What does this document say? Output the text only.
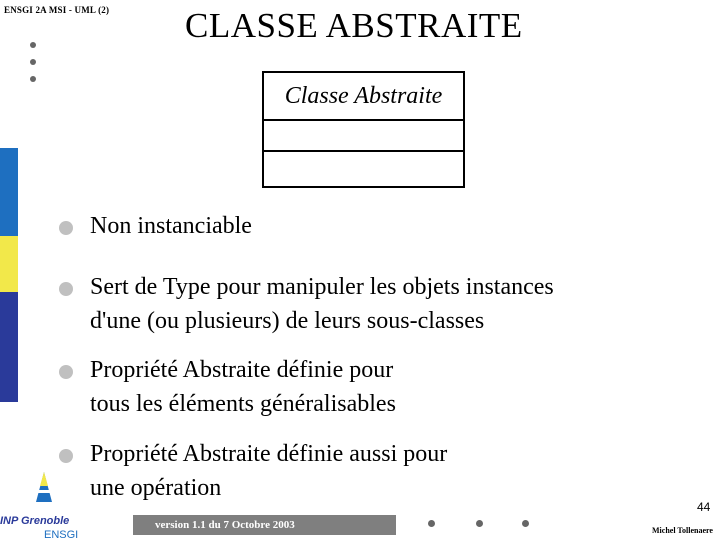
ENSGI 2A MSI - UML (2) CLASSE ABSTRAITE
Classe Abstraite
Non instanciable
Sert de Type pour manipuler les objets instances
d'une (ou plusieurs) de leurs sous-classes
Propriété Abstraite définie pour
tous les éléments généralisables
Propriété Abstraite définie aussi pour
une opération
INP Grenoble
ENSGI
version 1.1 du 7 Octobre 2003
44
Michel Tollenaere
